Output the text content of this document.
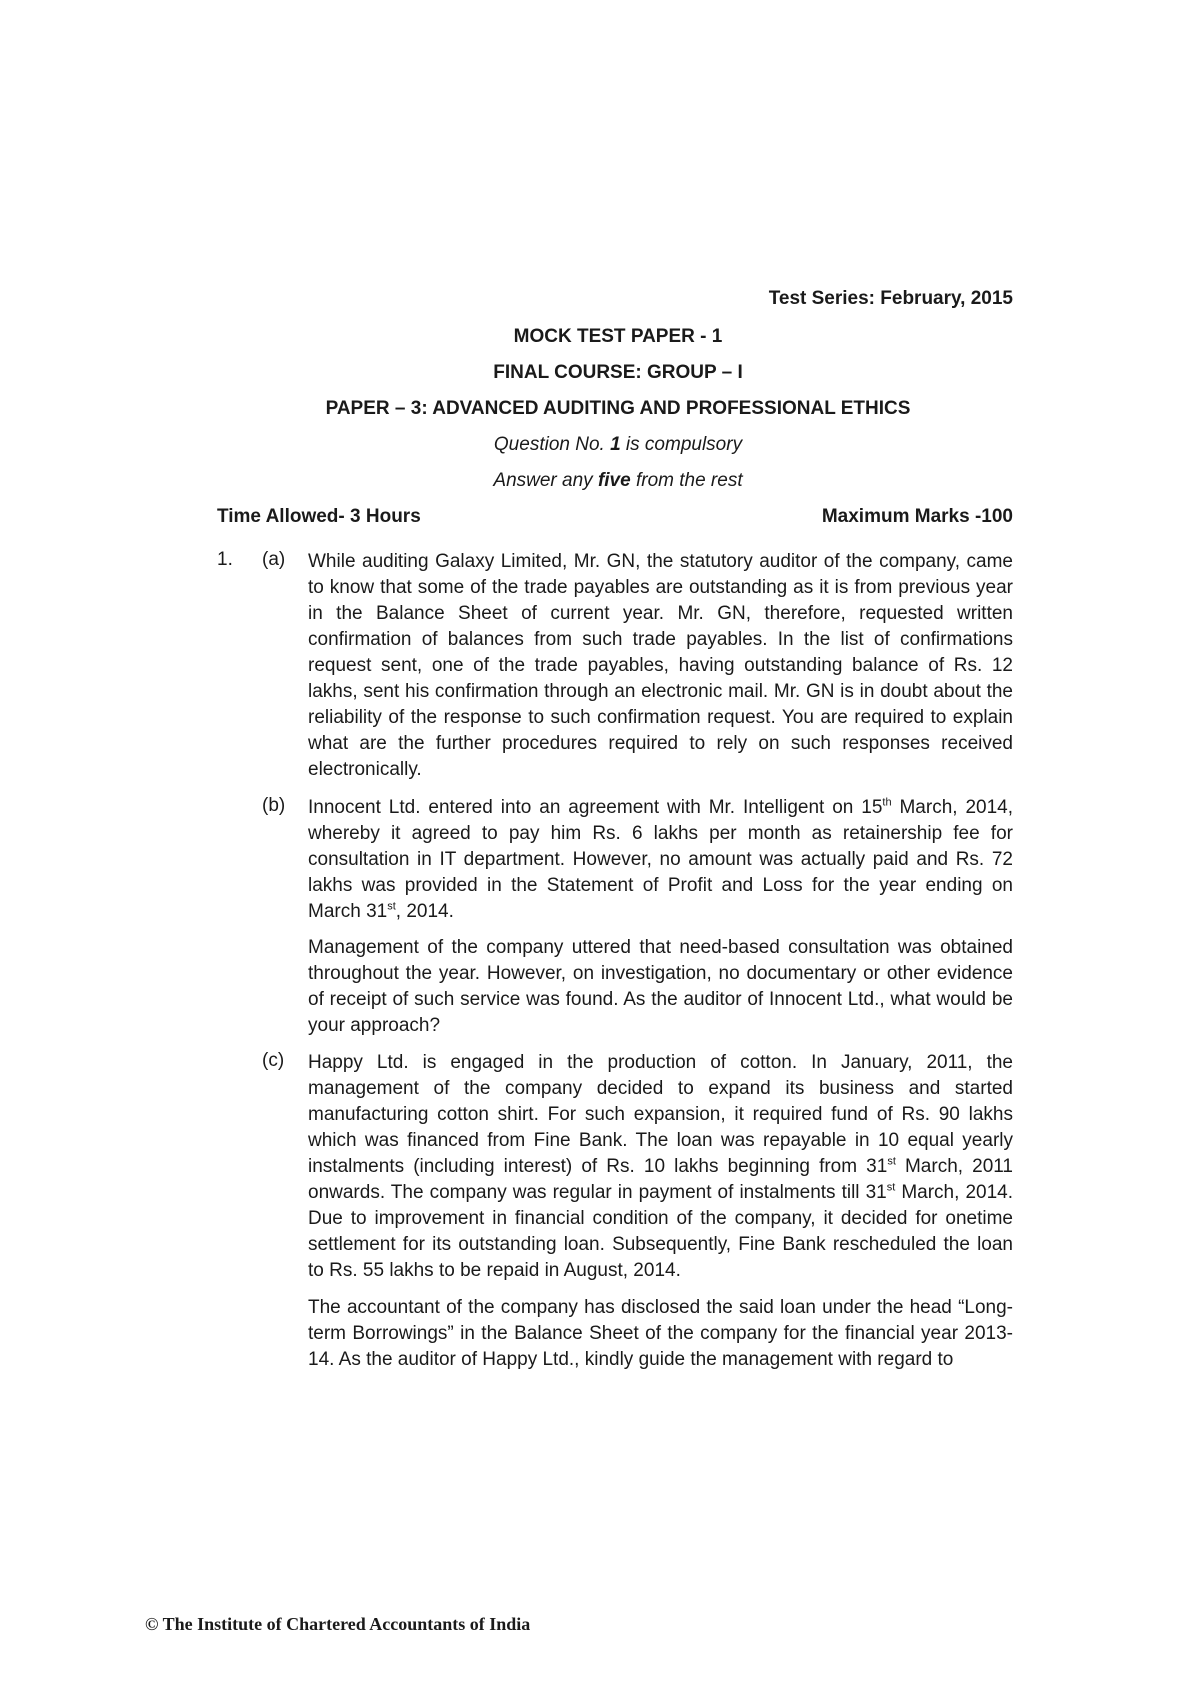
Test Series: February, 2015
MOCK TEST PAPER - 1
FINAL COURSE: GROUP – I
PAPER – 3: ADVANCED AUDITING AND PROFESSIONAL ETHICS
Question No. 1 is compulsory
Answer any five from the rest
Time Allowed- 3 Hours	Maximum Marks -100
1. (a) While auditing Galaxy Limited, Mr. GN, the statutory auditor of the company, came to know that some of the trade payables are outstanding as it is from previous year in the Balance Sheet of current year. Mr. GN, therefore, requested written confirmation of balances from such trade payables. In the list of confirmations request sent, one of the trade payables, having outstanding balance of Rs. 12 lakhs, sent his confirmation through an electronic mail. Mr. GN is in doubt about the reliability of the response to such confirmation request. You are required to explain what are the further procedures required to rely on such responses received electronically.
(b) Innocent Ltd. entered into an agreement with Mr. Intelligent on 15th March, 2014, whereby it agreed to pay him Rs. 6 lakhs per month as retainership fee for consultation in IT department. However, no amount was actually paid and Rs. 72 lakhs was provided in the Statement of Profit and Loss for the year ending on March 31st, 2014.
Management of the company uttered that need-based consultation was obtained throughout the year. However, on investigation, no documentary or other evidence of receipt of such service was found. As the auditor of Innocent Ltd., what would be your approach?
(c) Happy Ltd. is engaged in the production of cotton. In January, 2011, the management of the company decided to expand its business and started manufacturing cotton shirt. For such expansion, it required fund of Rs. 90 lakhs which was financed from Fine Bank. The loan was repayable in 10 equal yearly instalments (including interest) of Rs. 10 lakhs beginning from 31st March, 2011 onwards. The company was regular in payment of instalments till 31st March, 2014. Due to improvement in financial condition of the company, it decided for onetime settlement for its outstanding loan. Subsequently, Fine Bank rescheduled the loan to Rs. 55 lakhs to be repaid in August, 2014.
The accountant of the company has disclosed the said loan under the head “Long-term Borrowings” in the Balance Sheet of the company for the financial year 2013-14. As the auditor of Happy Ltd., kindly guide the management with regard to
© The Institute of Chartered Accountants of India
